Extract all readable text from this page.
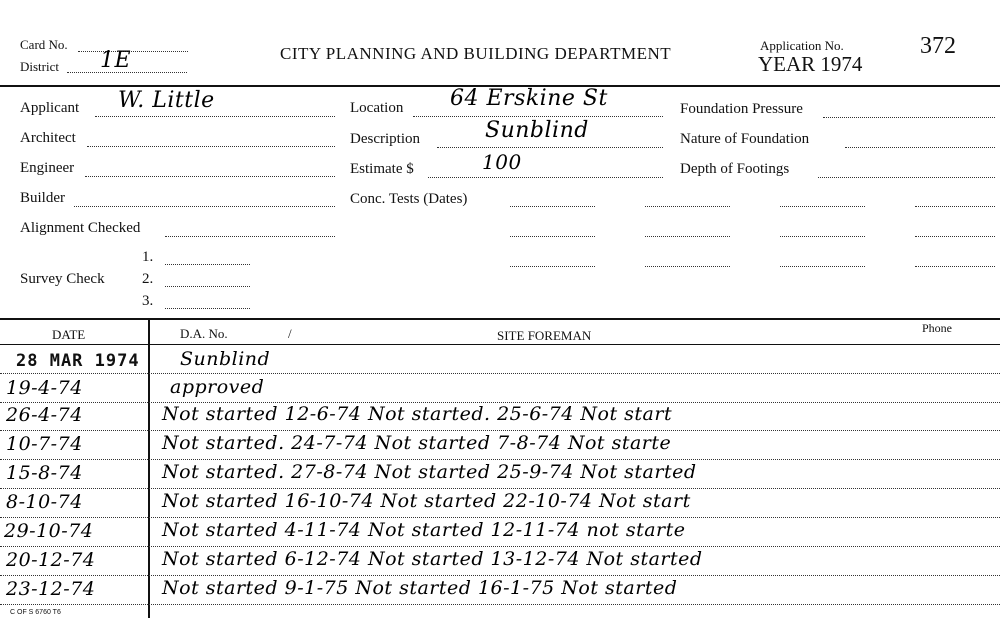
Card No.
District 1E	CITY PLANNING AND BUILDING DEPARTMENT	Application No.
YEAR 1974
372
Applicant W. Little
Architect
Engineer
Builder
Alignment Checked
Survey Check
1.
2.
3.
Location 64 Erskine St
Description	Sunblind
Estimate $	100
Conc. Tests (Dates)
Foundation Pressure
Nature of Foundation
Depth of Footings
DATE	D.A. No.	/	SITE FOREMAN	Phone
28 MAR 1974 Sunblind
19-4-74	approved
26-4-74	Not started 12-6-74 Not started. 25-6-74 Not start
10-7-74	Not started. 24-7-74 Not started 7-8-74 Not starte
15-8-74	Not started. 27-8-74 Not started 25-9-74 Not started
8-10-74	Not started 16-10-74 Not started 22-10-74 Not start
29-10-74	Not started 4-11-74 Not started 12-11-74 not starte
20-12-74	Not started 6-12-74 Not started 13-12-74 Not started
23-12-74	Not started 9-1-75 Not started 16-1-75 Not started
C OF S 6760 T6
